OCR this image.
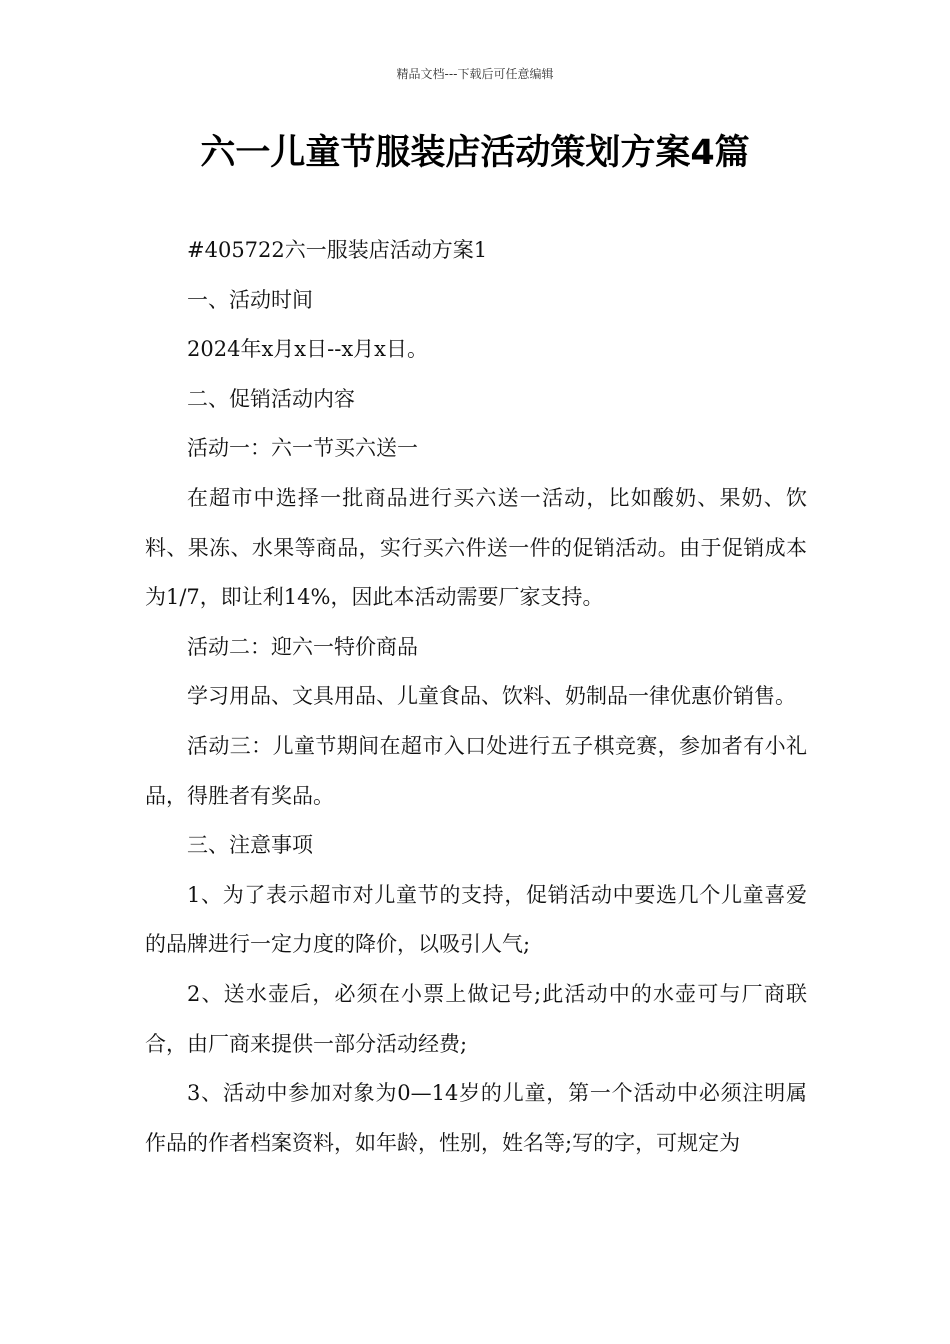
精品文档---下载后可任意编辑
六一儿童节服装店活动策划方案4篇

#405722六一服装店活动方案1

一、活动时间

2024年x月x日--x月x日。

二、促销活动内容

活动一：六一节买六送一

在超市中选择一批商品进行买六送一活动，比如酸奶、果奶、饮料、果冻、水果等商品，实行买六件送一件的促销活动。由于促销成本为1/7，即让利14%，因此本活动需要厂家支持。

活动二：迎六一特价商品

学习用品、文具用品、儿童食品、饮料、奶制品一律优惠价销售。

活动三：儿童节期间在超市入口处进行五子棋竞赛，参加者有小礼品，得胜者有奖品。

三、注意事项

1、为了表示超市对儿童节的支持，促销活动中要选几个儿童喜爱的品牌进行一定力度的降价，以吸引人气;

2、送水壶后，必须在小票上做记号;此活动中的水壶可与厂商联合，由厂商来提供一部分活动经费;

3、活动中参加对象为0—14岁的儿童，第一个活动中必须注明属作品的作者档案资料，如年龄，性别，姓名等;写的字，可规定为
